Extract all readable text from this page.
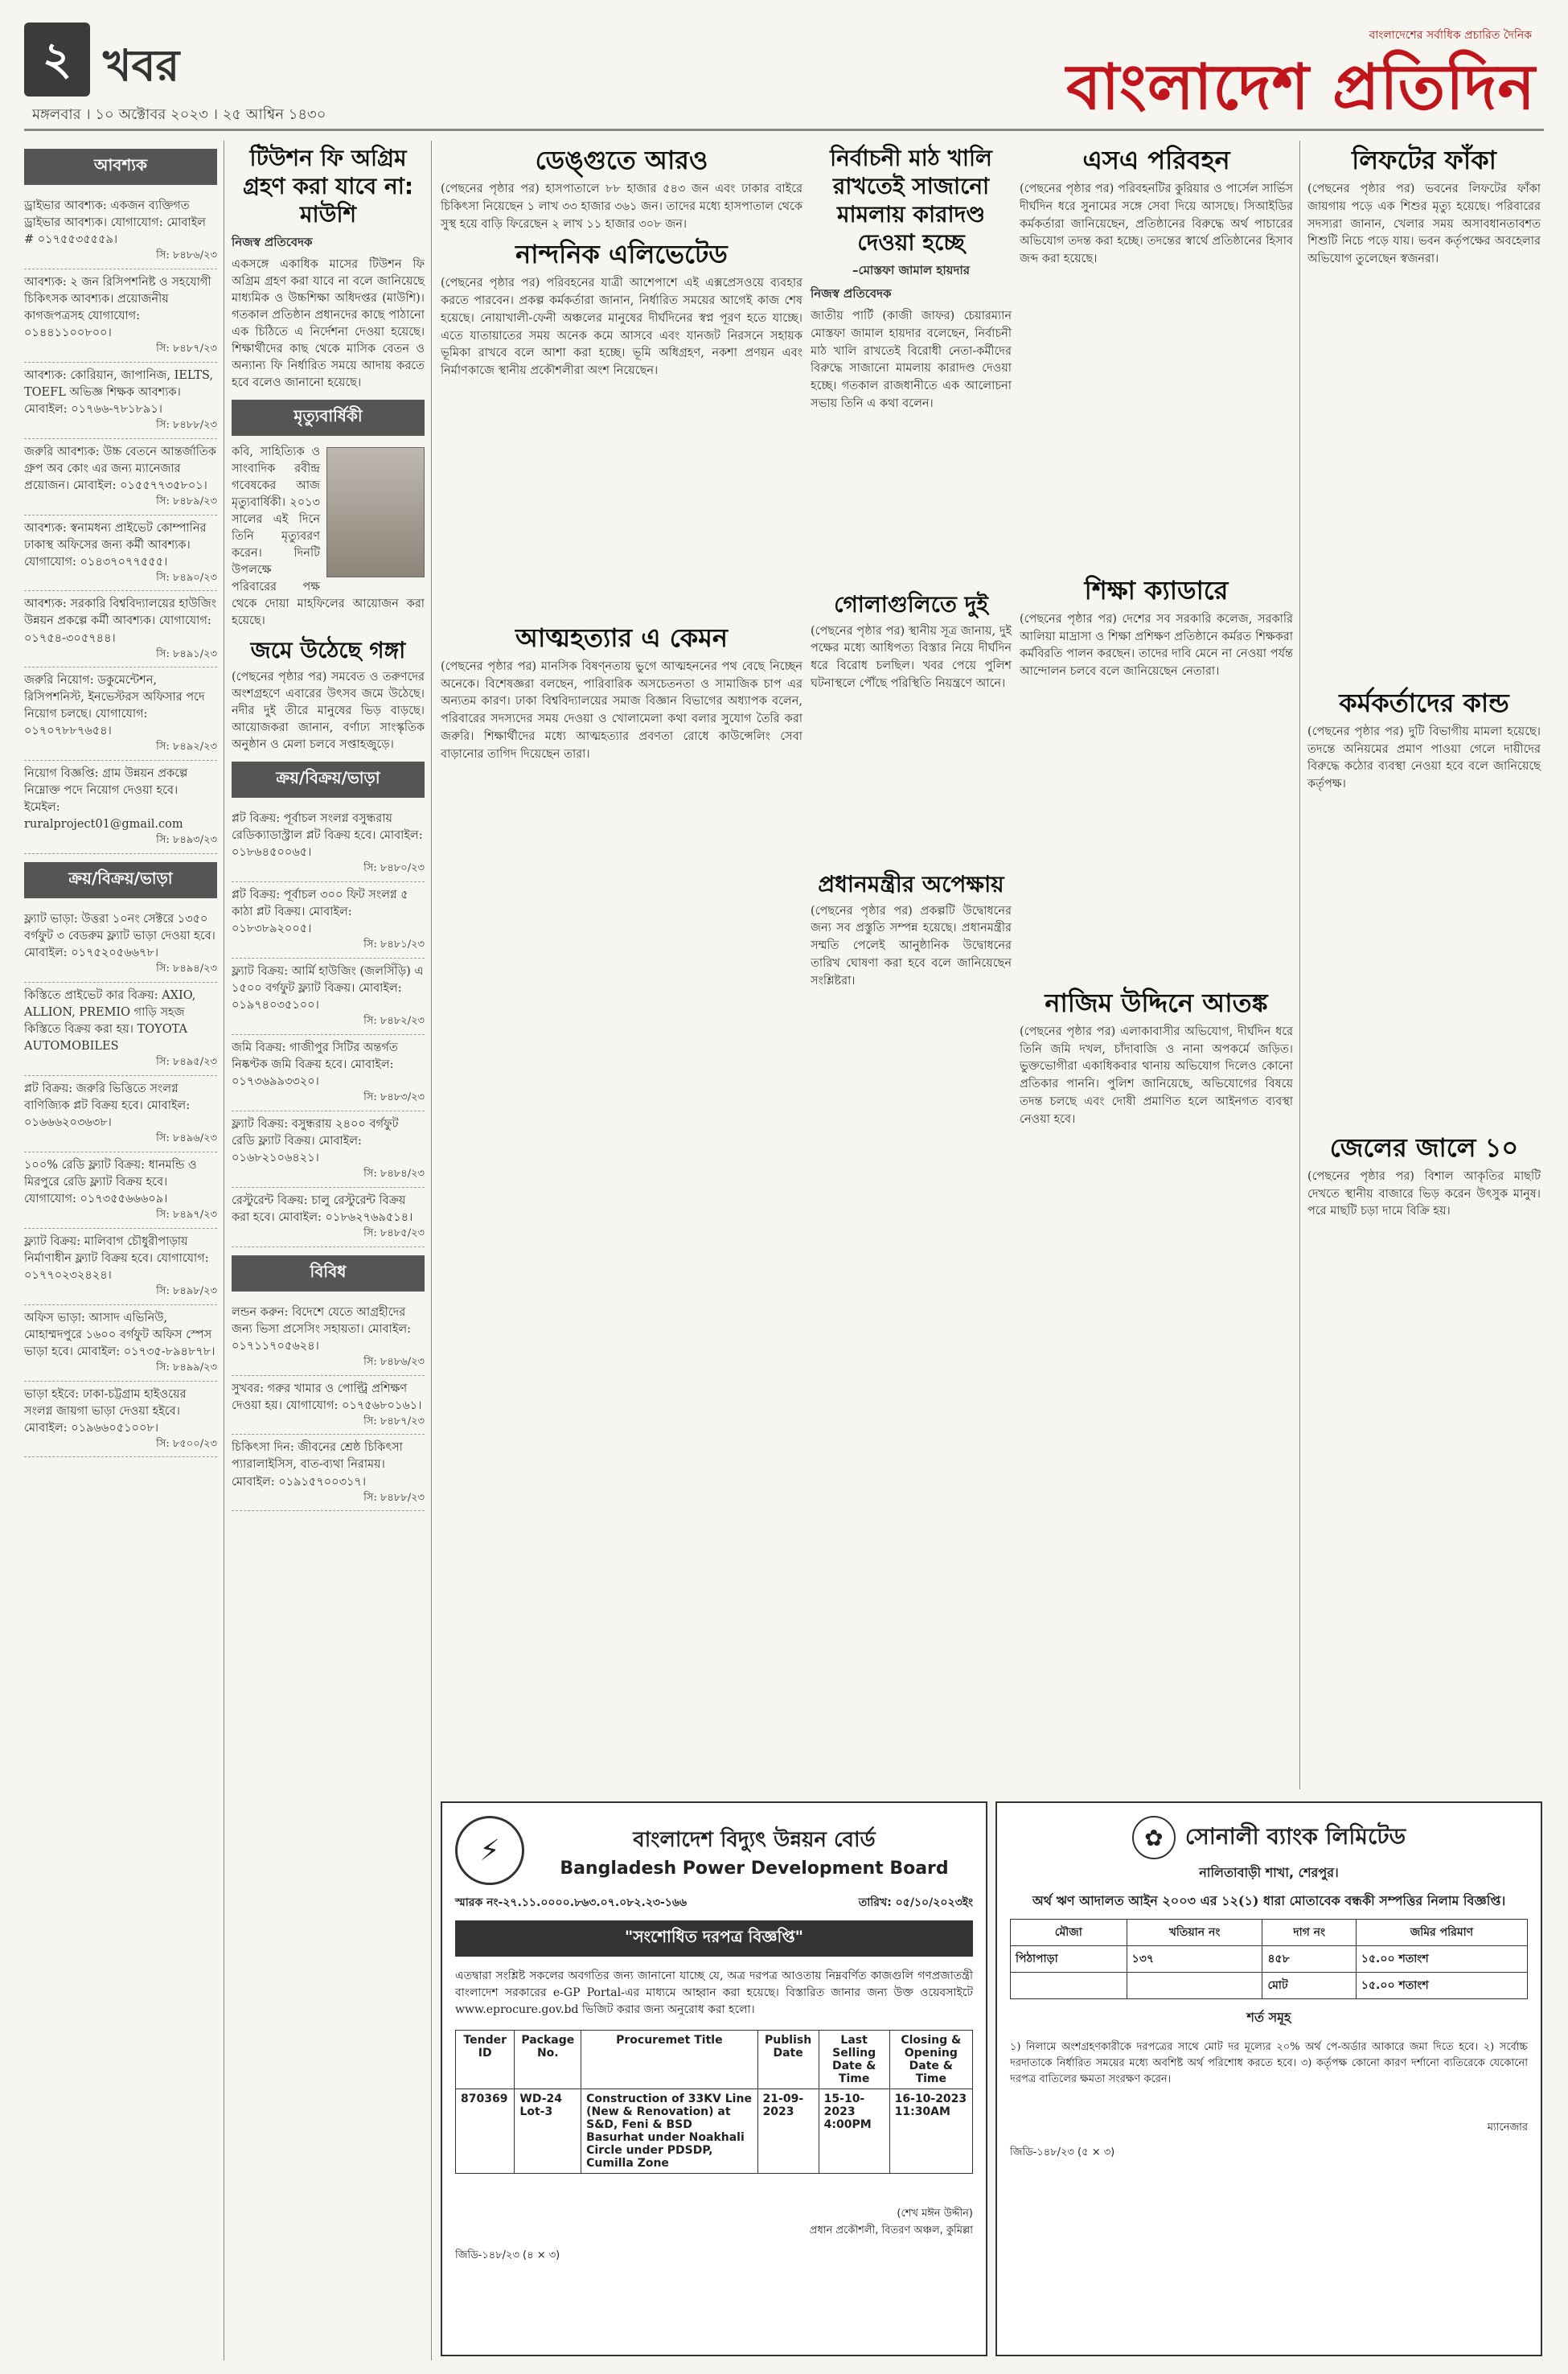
২ খবর
মঙ্গলবার । ১০ অক্টোবর ২০২৩ । ২৫ আশ্বিন ১৪৩০
বাংলাদেশের সর্বাধিক প্রচারিত দৈনিক
বাংলাদেশ প্রতিদিন
আবশ্যক
ড্রাইভার আবশ্যক: একজন ব্যক্তিগত ড্রাইভার আবশ্যক। যোগাযোগ: মোবাইল # ০১৭৫৫৩৫৫৫৯।
সি: ৮৪৮৬/২৩
আবশ্যক: ২ জন রিসিপশনিষ্ট ও সহযোগী চিকিৎসক আবশ্যক। প্রয়োজনীয় কাগজপত্রসহ যোগাযোগ: ০১৪৪১১০০৮০০।
সি: ৮৪৮৭/২৩
আবশ্যক: কোরিয়ান, জাপানিজ, IELTS, TOEFL অভিজ্ঞ শিক্ষক আবশ্যক। মোবাইল: ০১৭৬৬-৭৮১৮৯১।
সি: ৮৪৮৮/২৩
জরুরি আবশ্যক: উচ্চ বেতনে আন্তর্জাতিক গ্রুপ অব কোং এর জন্য ম্যানেজার প্রয়োজন। মোবাইল: ০১৫৫৭৭৩৫৮০১।
সি: ৮৪৮৯/২৩
আবশ্যক: স্বনামধন্য প্রাইভেট কোম্পানির ঢাকাস্থ অফিসের জন্য কর্মী আবশ্যক। যোগাযোগ: ০১৪৩৭০৭৭৫৫৫।
সি: ৮৪৯০/২৩
আবশ্যক: সরকারি বিশ্ববিদ্যালয়ের হাউজিং উন্নয়ন প্রকল্পে কর্মী আবশ্যক। যোগাযোগ: ০১৭৫৪-৩০৫৭৪৪।
সি: ৮৪৯১/২৩
জরুরি নিয়োগ: ডকুমেন্টেশন, রিসিপশনিস্ট, ইনভেস্টরস অফিসার পদে নিয়োগ চলছে। যোগাযোগ: ০১৭০৭৮৮৭৬৫৪।
সি: ৮৪৯২/২৩
নিয়োগ বিজ্ঞপ্তি: গ্রাম উন্নয়ন প্রকল্পে নিম্নোক্ত পদে নিয়োগ দেওয়া হবে। ইমেইল: ruralproject01@gmail.com
সি: ৮৪৯৩/২৩
ক্রয়/বিক্রয়/ভাড়া
ফ্ল্যাট ভাড়া: উত্তরা ১০নং সেক্টরে ১৩৫০ বর্গফুট ৩ বেডরুম ফ্ল্যাট ভাড়া দেওয়া হবে। মোবাইল: ০১৭৫২০৫৬৬৭৮।
সি: ৮৪৯৪/২৩
কিস্তিতে প্রাইভেট কার বিক্রয়: AXIO, ALLION, PREMIO গাড়ি সহজ কিস্তিতে বিক্রয় করা হয়। TOYOTA AUTOMOBILES
সি: ৮৪৯৫/২৩
প্লট বিক্রয়: জরুরি ভিত্তিতে সংলগ্ন বাণিজ্যিক প্লট বিক্রয় হবে। মোবাইল: ০১৬৬৬২০৩৬৩৮।
সি: ৮৪৯৬/২৩
১০০% রেডি ফ্ল্যাট বিক্রয়: ধানমন্ডি ও মিরপুরে রেডি ফ্ল্যাট বিক্রয় হবে। যোগাযোগ: ০১৭৩৫৫৬৬৬০৯।
সি: ৮৪৯৭/২৩
ফ্ল্যাট বিক্রয়: মালিবাগ চৌধুরীপাড়ায় নির্মাণাধীন ফ্ল্যাট বিক্রয় হবে। যোগাযোগ: ০১৭৭০২৩২৪২৪।
সি: ৮৪৯৮/২৩
অফিস ভাড়া: আসাদ এভিনিউ, মোহাম্মদপুরে ১৬০০ বর্গফুট অফিস স্পেস ভাড়া হবে। মোবাইল: ০১৭৩৫-৮৯৪৮৭৮।
সি: ৮৪৯৯/২৩
ভাড়া হইবে: ঢাকা-চট্টগ্রাম হাইওয়ের সংলগ্ন জায়গা ভাড়া দেওয়া হইবে। মোবাইল: ০১৯৬৬০৫১০০৮।
সি: ৮৫০০/২৩
টিউশন ফি অগ্রিম গ্রহণ করা যাবে না: মাউশি
নিজস্ব প্রতিবেদক

একসঙ্গে একাধিক মাসের টিউশন ফি অগ্রিম গ্রহণ করা যাবে না বলে জানিয়েছে মাধ্যমিক ও উচ্চশিক্ষা অধিদপ্তর (মাউশি)। গতকাল প্রতিষ্ঠান প্রধানদের কাছে পাঠানো এক চিঠিতে এ নির্দেশনা দেওয়া হয়েছে। শিক্ষার্থীদের কাছ থেকে মাসিক বেতন ও অন্যান্য ফি নির্ধারিত সময়ে আদায় করতে হবে বলেও জানানো হয়েছে।

মৃত্যুবার্ষিকী

কবি, সাহিত্যিক ও সাংবাদিক রবীন্দ্র গবেষকের আজ মৃত্যুবার্ষিকী। ২০১৩ সালের এই দিনে তিনি মৃত্যুবরণ করেন। দিনটি উপলক্ষে পরিবারের পক্ষ থেকে দোয়া মাহফিলের আয়োজন করা হয়েছে।

জমে উঠেছে গঙ্গা

(পেছনের পৃষ্ঠার পর) সমবেত ও তরুণদের অংশগ্রহণে এবারের উৎসব জমে উঠেছে। নদীর দুই তীরে মানুষের ভিড় বাড়ছে। আয়োজকরা জানান, বর্ণাঢ্য সাংস্কৃতিক অনুষ্ঠান ও মেলা চলবে সপ্তাহজুড়ে।

ক্রয়/বিক্রয়/ভাড়া
প্লট বিক্রয়: পূর্বাচল সংলগ্ন বসুন্ধরায় রেডিক্যাডাস্ট্রাল প্লট বিক্রয় হবে। মোবাইল: ০১৮৬৪৫০০৬৫।
সি: ৮৪৮০/২৩
প্লট বিক্রয়: পূর্বাচল ৩০০ ফিট সংলগ্ন ৫ কাঠা প্লট বিক্রয়। মোবাইল: ০১৮৩৮৯২০০৫।
সি: ৮৪৮১/২৩
ফ্ল্যাট বিক্রয়: আর্মি হাউজিং (জলসিঁড়ি) এ ১৫০০ বর্গফুট ফ্ল্যাট বিক্রয়। মোবাইল: ০১৯৭৪০৩৫১০০।
সি: ৮৪৮২/২৩
জমি বিক্রয়: গাজীপুর সিটির অন্তর্গত নিষ্কণ্টক জমি বিক্রয় হবে। মোবাইল: ০১৭৩৬৯৯৩৩২০।
সি: ৮৪৮৩/২৩
ফ্ল্যাট বিক্রয়: বসুন্ধরায় ২৪০০ বর্গফুট রেডি ফ্ল্যাট বিক্রয়। মোবাইল: ০১৬৮২১০৬৪২১।
সি: ৮৪৮৪/২৩
রেস্টুরেন্ট বিক্রয়: চালু রেস্টুরেন্ট বিক্রয় করা হবে। মোবাইল: ০১৮৬২৭৬৯৫১৪।
সি: ৮৪৮৫/২৩
বিবিধ
লন্ডন করুন: বিদেশে যেতে আগ্রহীদের জন্য ভিসা প্রসেসিং সহায়তা। মোবাইল: ০১৭১১৭০৫৬২৪।
সি: ৮৪৮৬/২৩
সুখবর: গরুর খামার ও পোল্ট্রি প্রশিক্ষণ দেওয়া হয়। যোগাযোগ: ০১৭৫৬৮০১৬১।
সি: ৮৪৮৭/২৩
চিকিৎসা দিন: জীবনের শ্রেষ্ঠ চিকিৎসা প্যারালাইসিস, বাত-ব্যথা নিরাময়। মোবাইল: ০১৯১৫৭০০৩১৭।
সি: ৮৪৮৮/২৩
ডেঙ্গুতে আরও

(পেছনের পৃষ্ঠার পর) হাসপাতালে ৮৮ হাজার ৫৪৩ জন এবং ঢাকার বাইরে চিকিৎসা নিয়েছেন ১ লাখ ৩৩ হাজার ৩৬১ জন। তাদের মধ্যে হাসপাতাল থেকে সুস্থ হয়ে বাড়ি ফিরেছেন ২ লাখ ১১ হাজার ৩০৮ জন।

নান্দনিক এলিভেটেড

(পেছনের পৃষ্ঠার পর) পরিবহনের যাত্রী আশেপাশে এই এক্সপ্রেসওয়ে ব্যবহার করতে পারবেন। প্রকল্প কর্মকর্তারা জানান, নির্ধারিত সময়ের আগেই কাজ শেষ হয়েছে। নোয়াখালী-ফেনী অঞ্চলের মানুষের দীর্ঘদিনের স্বপ্ন পূরণ হতে যাচ্ছে। এতে যাতায়াতের সময় অনেক কমে আসবে এবং যানজট নিরসনে সহায়ক ভূমিকা রাখবে বলে আশা করা হচ্ছে। ভূমি অধিগ্রহণ, নকশা প্রণয়ন এবং নির্মাণকাজে স্থানীয় প্রকৌশলীরা অংশ নিয়েছেন।

আত্মহত্যার এ কেমন

(পেছনের পৃষ্ঠার পর) মানসিক বিষণ্নতায় ভুগে আত্মহননের পথ বেছে নিচ্ছেন অনেকে। বিশেষজ্ঞরা বলছেন, পারিবারিক অসচেতনতা ও সামাজিক চাপ এর অন্যতম কারণ। ঢাকা বিশ্ববিদ্যালয়ের সমাজ বিজ্ঞান বিভাগের অধ্যাপক বলেন, পরিবারের সদস্যদের সময় দেওয়া ও খোলামেলা কথা বলার সুযোগ তৈরি করা জরুরি। শিক্ষার্থীদের মধ্যে আত্মহত্যার প্রবণতা রোধে কাউন্সেলিং সেবা বাড়ানোর তাগিদ দিয়েছেন তারা।

নির্বাচনী মাঠ খালি রাখতেই সাজানো মামলায় কারাদণ্ড দেওয়া হচ্ছে
–মোস্তফা জামাল হায়দার
নিজস্ব প্রতিবেদক

জাতীয় পার্টি (কাজী জাফর) চেয়ারম্যান মোস্তফা জামাল হায়দার বলেছেন, নির্বাচনী মাঠ খালি রাখতেই বিরোধী নেতা-কর্মীদের বিরুদ্ধে সাজানো মামলায় কারাদণ্ড দেওয়া হচ্ছে। গতকাল রাজধানীতে এক আলোচনা সভায় তিনি এ কথা বলেন।

গোলাগুলিতে দুই

(পেছনের পৃষ্ঠার পর) স্থানীয় সূত্র জানায়, দুই পক্ষের মধ্যে আধিপত্য বিস্তার নিয়ে দীর্ঘদিন ধরে বিরোধ চলছিল। খবর পেয়ে পুলিশ ঘটনাস্থলে পৌঁছে পরিস্থিতি নিয়ন্ত্রণে আনে।

প্রধানমন্ত্রীর অপেক্ষায়

(পেছনের পৃষ্ঠার পর) প্রকল্পটি উদ্বোধনের জন্য সব প্রস্তুতি সম্পন্ন হয়েছে। প্রধানমন্ত্রীর সম্মতি পেলেই আনুষ্ঠানিক উদ্বোধনের তারিখ ঘোষণা করা হবে বলে জানিয়েছেন সংশ্লিষ্টরা।

এসএ পরিবহন

(পেছনের পৃষ্ঠার পর) পরিবহনটির কুরিয়ার ও পার্সেল সার্ভিস দীর্ঘদিন ধরে সুনামের সঙ্গে সেবা দিয়ে আসছে। সিআইডির কর্মকর্তারা জানিয়েছেন, প্রতিষ্ঠানের বিরুদ্ধে অর্থ পাচারের অভিযোগ তদন্ত করা হচ্ছে। তদন্তের স্বার্থে প্রতিষ্ঠানের হিসাব জব্দ করা হয়েছে।

শিক্ষা ক্যাডারে

(পেছনের পৃষ্ঠার পর) দেশের সব সরকারি কলেজ, সরকারি আলিয়া মাদ্রাসা ও শিক্ষা প্রশিক্ষণ প্রতিষ্ঠানে কর্মরত শিক্ষকরা কর্মবিরতি পালন করছেন। তাদের দাবি মেনে না নেওয়া পর্যন্ত আন্দোলন চলবে বলে জানিয়েছেন নেতারা।

নাজিম উদ্দিনে আতঙ্ক

(পেছনের পৃষ্ঠার পর) এলাকাবাসীর অভিযোগ, দীর্ঘদিন ধরে তিনি জমি দখল, চাঁদাবাজি ও নানা অপকর্মে জড়িত। ভুক্তভোগীরা একাধিকবার থানায় অভিযোগ দিলেও কোনো প্রতিকার পাননি। পুলিশ জানিয়েছে, অভিযোগের বিষয়ে তদন্ত চলছে এবং দোষী প্রমাণিত হলে আইনগত ব্যবস্থা নেওয়া হবে।

লিফটের ফাঁকা

(পেছনের পৃষ্ঠার পর) ভবনের লিফটের ফাঁকা জায়গায় পড়ে এক শিশুর মৃত্যু হয়েছে। পরিবারের সদস্যরা জানান, খেলার সময় অসাবধানতাবশত শিশুটি নিচে পড়ে যায়। ভবন কর্তৃপক্ষের অবহেলার অভিযোগ তুলেছেন স্বজনরা।

কর্মকর্তাদের কান্ড

(পেছনের পৃষ্ঠার পর) দুটি বিভাগীয় মামলা হয়েছে। তদন্তে অনিয়মের প্রমাণ পাওয়া গেলে দায়ীদের বিরুদ্ধে কঠোর ব্যবস্থা নেওয়া হবে বলে জানিয়েছে কর্তৃপক্ষ।

জেলের জালে ১০

(পেছনের পৃষ্ঠার পর) বিশাল আকৃতির মাছটি দেখতে স্থানীয় বাজারে ভিড় করেন উৎসুক মানুষ। পরে মাছটি চড়া দামে বিক্রি হয়।

⚡	বাংলাদেশ বিদ্যুৎ উন্নয়ন বোর্ড
Bangladesh Power Development Board
স্মারক নং-২৭.১১.০০০০.৮৬৩.০৭.০৮২.২৩-১৬৬	তারিখ: ০৫/১০/২০২৩ইং
"সংশোধিত দরপত্র বিজ্ঞপ্তি"

এতদ্বারা সংশ্লিষ্ট সকলের অবগতির জন্য জানানো যাচ্ছে যে, অত্র দরপত্র আওতায় নিম্নবর্ণিত কাজগুলি গণপ্রজাতন্ত্রী বাংলাদেশ সরকারের e-GP Portal-এর মাধ্যমে আহ্বান করা হয়েছে। বিস্তারিত জানার জন্য উক্ত ওয়েবসাইটে www.eprocure.gov.bd ভিজিট করার জন্য অনুরোধ করা হলো।

Tender ID	Package No.	Procuremet Title	Publish Date	Last Selling Date & Time	Closing & Opening Date & Time
870369	WD-24 Lot-3	Construction of 33KV Line (New & Renovation) at S&D, Feni & BSD Basurhat under Noakhali Circle under PDSDP, Cumilla Zone	21-09-2023	15-10-2023 4:00PM	16-10-2023 11:30AM
(শেখ মঈন উদ্দীন)
প্রধান প্রকৌশলী, বিতরণ অঞ্চল, কুমিল্লা
জিডি-১৪৮/২৩ (৪ × ৩)
✿ সোনালী ব্যাংক লিমিটেড
নালিতাবাড়ী শাখা, শেরপুর।
অর্থ ঋণ আদালত আইন ২০০৩ এর ১২(১) ধারা মোতাবেক বন্ধকী সম্পত্তির নিলাম বিজ্ঞপ্তি।
মৌজা	খতিয়ান নং	দাগ নং	জমির পরিমাণ
পিঠাপাড়া	১৩৭	৪৫৮	১৫.০০ শতাংশ
		মোট	১৫.০০ শতাংশ
শর্ত সমূহ

১) নিলামে অংশগ্রহণকারীকে দরপত্রের সাথে মোট দর মূল্যের ২০% অর্থ পে-অর্ডার আকারে জমা দিতে হবে। ২) সর্বোচ্চ দরদাতাকে নির্ধারিত সময়ের মধ্যে অবশিষ্ট অর্থ পরিশোধ করতে হবে। ৩) কর্তৃপক্ষ কোনো কারণ দর্শানো ব্যতিরেকে যেকোনো দরপত্র বাতিলের ক্ষমতা সংরক্ষণ করেন।

ম্যানেজার
জিডি-১৪৮/২৩ (৫ × ৩)
